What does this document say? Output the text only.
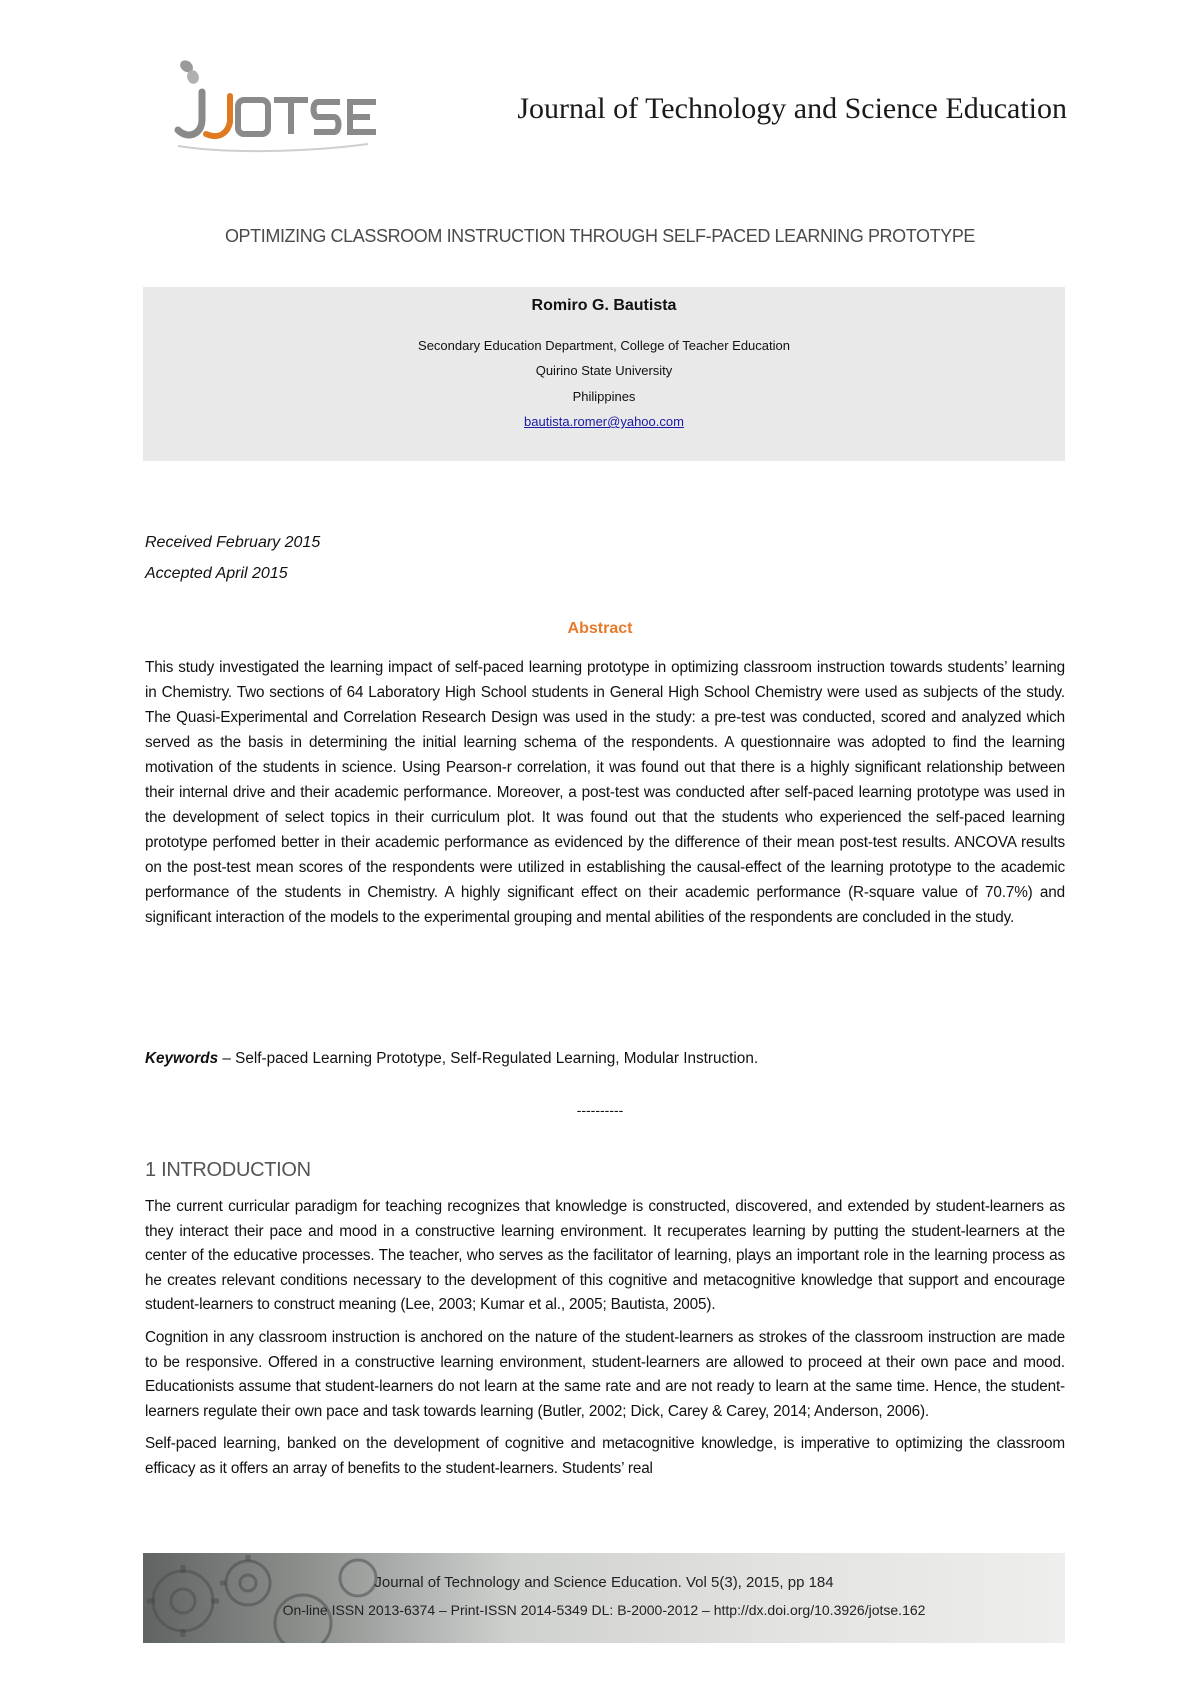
Journal of Technology and Science Education
OPTIMIZING CLASSROOM INSTRUCTION THROUGH SELF-PACED LEARNING PROTOTYPE
Romiro G. Bautista
Secondary Education Department, College of Teacher Education
Quirino State University
Philippines
bautista.romer@yahoo.com
Received February 2015
Accepted April 2015
Abstract
This study investigated the learning impact of self-paced learning prototype in optimizing classroom instruction towards students’ learning in Chemistry. Two sections of 64 Laboratory High School students in General High School Chemistry were used as subjects of the study. The Quasi-Experimental and Correlation Research Design was used in the study: a pre-test was conducted, scored and analyzed which served as the basis in determining the initial learning schema of the respondents. A questionnaire was adopted to find the learning motivation of the students in science. Using Pearson-r correlation, it was found out that there is a highly significant relationship between their internal drive and their academic performance. Moreover, a post-test was conducted after self-paced learning prototype was used in the development of select topics in their curriculum plot. It was found out that the students who experienced the self-paced learning prototype perfomed better in their academic performance as evidenced by the difference of their mean post-test results. ANCOVA results on the post-test mean scores of the respondents were utilized in establishing the causal-effect of the learning prototype to the academic performance of the students in Chemistry. A highly significant effect on their academic performance (R-square value of 70.7%) and significant interaction of the models to the experimental grouping and mental abilities of the respondents are concluded in the study.
Keywords – Self-paced Learning Prototype, Self-Regulated Learning, Modular Instruction.
----------
1 INTRODUCTION

The current curricular paradigm for teaching recognizes that knowledge is constructed, discovered, and extended by student-learners as they interact their pace and mood in a constructive learning environment. It recuperates learning by putting the student-learners at the center of the educative processes. The teacher, who serves as the facilitator of learning, plays an important role in the learning process as he creates relevant conditions necessary to the development of this cognitive and metacognitive knowledge that support and encourage student-learners to construct meaning (Lee, 2003; Kumar et al., 2005; Bautista, 2005).

Cognition in any classroom instruction is anchored on the nature of the student-learners as strokes of the classroom instruction are made to be responsive. Offered in a constructive learning environment, student-learners are allowed to proceed at their own pace and mood. Educationists assume that student-learners do not learn at the same rate and are not ready to learn at the same time. Hence, the student-learners regulate their own pace and task towards learning (Butler, 2002; Dick, Carey & Carey, 2014; Anderson, 2006).

Self-paced learning, banked on the development of cognitive and metacognitive knowledge, is imperative to optimizing the classroom efficacy as it offers an array of benefits to the student-learners. Students’ real

Journal of Technology and Science Education. Vol 5(3), 2015, pp 184
On-line ISSN 2013-6374 – Print-ISSN 2014-5349 DL: B-2000-2012 – http://dx.doi.org/10.3926/jotse.162
